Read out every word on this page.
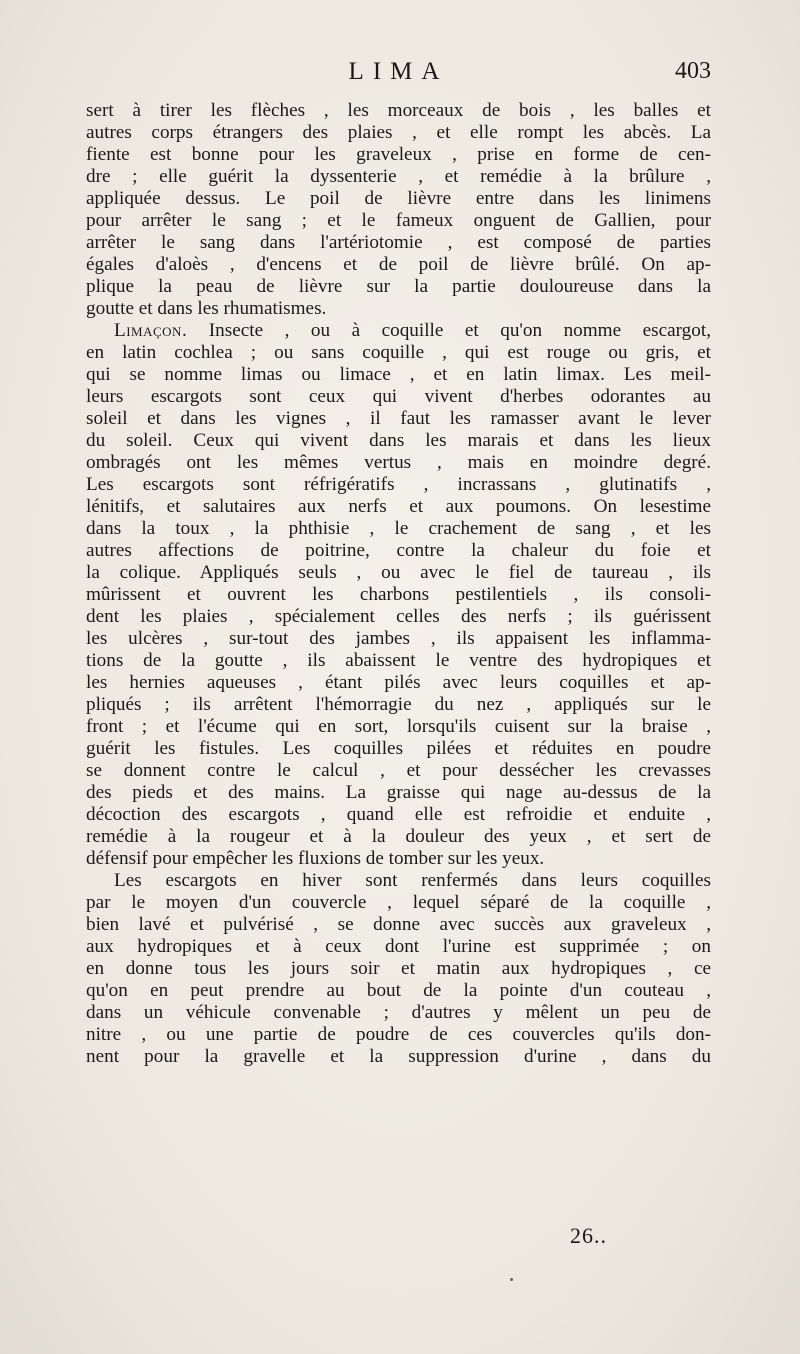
LIMA	403
sert à tirer les flèches , les morceaux de bois , les balles et
autres corps étrangers des plaies , et elle rompt les abcès. La
fiente est bonne pour les graveleux , prise en forme de cen-
dre ; elle guérit la dyssenterie , et remédie à la brûlure ,
appliquée dessus. Le poil de lièvre entre dans les linimens
pour arrêter le sang ; et le fameux onguent de Gallien, pour
arrêter le sang dans l'artériotomie , est composé de parties
égales d'aloès , d'encens et de poil de lièvre brûlé. On ap-
plique la peau de lièvre sur la partie douloureuse dans la
goutte et dans les rhumatismes.
Limaçon. Insecte , ou à coquille et qu'on nomme escargot,
en latin cochlea ; ou sans coquille , qui est rouge ou gris, et
qui se nomme limas ou limace , et en latin limax. Les meil-
leurs escargots sont ceux qui vivent d'herbes odorantes au
soleil et dans les vignes , il faut les ramasser avant le lever
du soleil. Ceux qui vivent dans les marais et dans les lieux
ombragés ont les mêmes vertus , mais en moindre degré.
Les escargots sont réfrigératifs , incrassans , glutinatifs ,
lénitifs, et salutaires aux nerfs et aux poumons. On lesestime
dans la toux , la phthisie , le crachement de sang , et les
autres affections de poitrine, contre la chaleur du foie et
la colique. Appliqués seuls , ou avec le fiel de taureau , ils
mûrissent et ouvrent les charbons pestilentiels , ils consoli-
dent les plaies , spécialement celles des nerfs ; ils guérissent
les ulcères , sur-tout des jambes , ils appaisent les inflamma-
tions de la goutte , ils abaissent le ventre des hydropiques et
les hernies aqueuses , étant pilés avec leurs coquilles et ap-
pliqués ; ils arrêtent l'hémorragie du nez , appliqués sur le
front ; et l'écume qui en sort, lorsqu'ils cuisent sur la braise ,
guérit les fistules. Les coquilles pilées et réduites en poudre
se donnent contre le calcul , et pour dessécher les crevasses
des pieds et des mains. La graisse qui nage au-dessus de la
décoction des escargots , quand elle est refroidie et enduite ,
remédie à la rougeur et à la douleur des yeux , et sert de
défensif pour empêcher les fluxions de tomber sur les yeux.
Les escargots en hiver sont renfermés dans leurs coquilles
par le moyen d'un couvercle , lequel séparé de la coquille ,
bien lavé et pulvérisé , se donne avec succès aux graveleux ,
aux hydropiques et à ceux dont l'urine est supprimée ; on
en donne tous les jours soir et matin aux hydropiques , ce
qu'on en peut prendre au bout de la pointe d'un couteau ,
dans un véhicule convenable ; d'autres y mêlent un peu de
nitre , ou une partie de poudre de ces couvercles qu'ils don-
nent pour la gravelle et la suppression d'urine , dans du
26..
